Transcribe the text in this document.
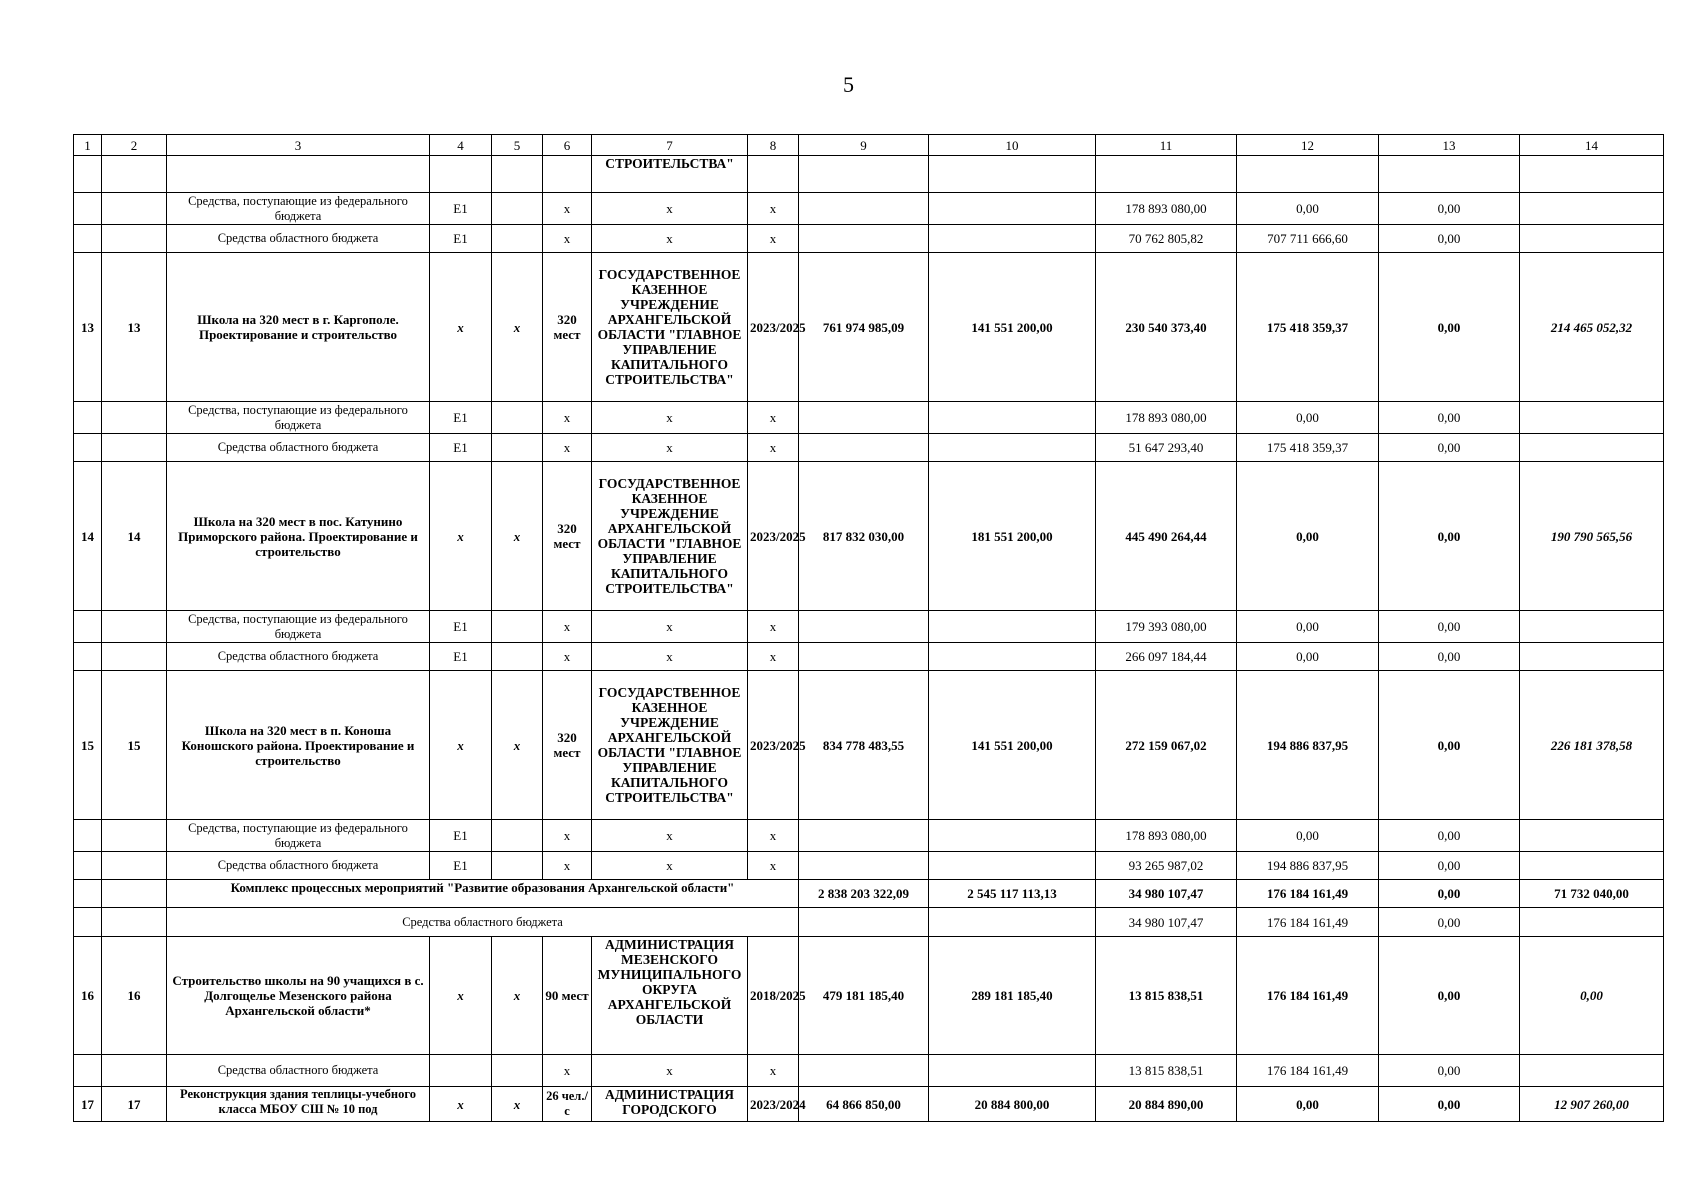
5
1	2	3	4	5	6	7	8	9	10	11	12	13	14
						СТРОИТЕЛЬСТВА"							
		Средства, поступающие из федерального бюджета	Е1		x	x	x			178 893 080,00	0,00	0,00	
		Средства областного бюджета	Е1		x	x	x			70 762 805,82	707 711 666,60	0,00	
13	13	Школа на 320 мест в г. Каргополе. Проектирование и строительство	x	x	320 мест	ГОСУДАРСТВЕННОЕ КАЗЕННОЕ УЧРЕЖДЕНИЕ АРХАНГЕЛЬСКОЙ ОБЛАСТИ "ГЛАВНОЕ УПРАВЛЕНИЕ КАПИТАЛЬНОГО СТРОИТЕЛЬСТВА"	2023/2025	761 974 985,09	141 551 200,00	230 540 373,40	175 418 359,37	0,00	214 465 052,32
		Средства, поступающие из федерального бюджета	Е1		x	x	x			178 893 080,00	0,00	0,00	
		Средства областного бюджета	Е1		x	x	x			51 647 293,40	175 418 359,37	0,00	
14	14	Школа на 320 мест в пос. Катунино Приморского района. Проектирование и строительство	x	x	320 мест	ГОСУДАРСТВЕННОЕ КАЗЕННОЕ УЧРЕЖДЕНИЕ АРХАНГЕЛЬСКОЙ ОБЛАСТИ "ГЛАВНОЕ УПРАВЛЕНИЕ КАПИТАЛЬНОГО СТРОИТЕЛЬСТВА"	2023/2025	817 832 030,00	181 551 200,00	445 490 264,44	0,00	0,00	190 790 565,56
		Средства, поступающие из федерального бюджета	Е1		x	x	x			179 393 080,00	0,00	0,00	
		Средства областного бюджета	Е1		x	x	x			266 097 184,44	0,00	0,00	
15	15	Школа на 320 мест в п. Коноша Коношского района. Проектирование и строительство	x	x	320 мест	ГОСУДАРСТВЕННОЕ КАЗЕННОЕ УЧРЕЖДЕНИЕ АРХАНГЕЛЬСКОЙ ОБЛАСТИ "ГЛАВНОЕ УПРАВЛЕНИЕ КАПИТАЛЬНОГО СТРОИТЕЛЬСТВА"	2023/2025	834 778 483,55	141 551 200,00	272 159 067,02	194 886 837,95	0,00	226 181 378,58
		Средства, поступающие из федерального бюджета	Е1		x	x	x			178 893 080,00	0,00	0,00	
		Средства областного бюджета	Е1		x	x	x			93 265 987,02	194 886 837,95	0,00	
		Комплекс процессных мероприятий "Развитие образования Архангельской области"						2 838 203 322,09	2 545 117 113,13	34 980 107,47	176 184 161,49	0,00	71 732 040,00
		Средства областного бюджета								34 980 107,47	176 184 161,49	0,00	
16	16	Строительство школы на 90 учащихся в с. Долгощелье Мезенского района Архангельской области*	x	x	90 мест	АДМИНИСТРАЦИЯ МЕЗЕНСКОГО МУНИЦИПАЛЬНОГО ОКРУГА АРХАНГЕЛЬСКОЙ ОБЛАСТИ	2018/2025	479 181 185,40	289 181 185,40	13 815 838,51	176 184 161,49	0,00	0,00
		Средства областного бюджета			x	x	x			13 815 838,51	176 184 161,49	0,00	
17	17	Реконструкция здания теплицы-учебного класса МБОУ СШ № 10 под	x	x	26 чел./с	АДМИНИСТРАЦИЯ ГОРОДСКОГО	2023/2024	64 866 850,00	20 884 800,00	20 884 890,00	0,00	0,00	12 907 260,00
